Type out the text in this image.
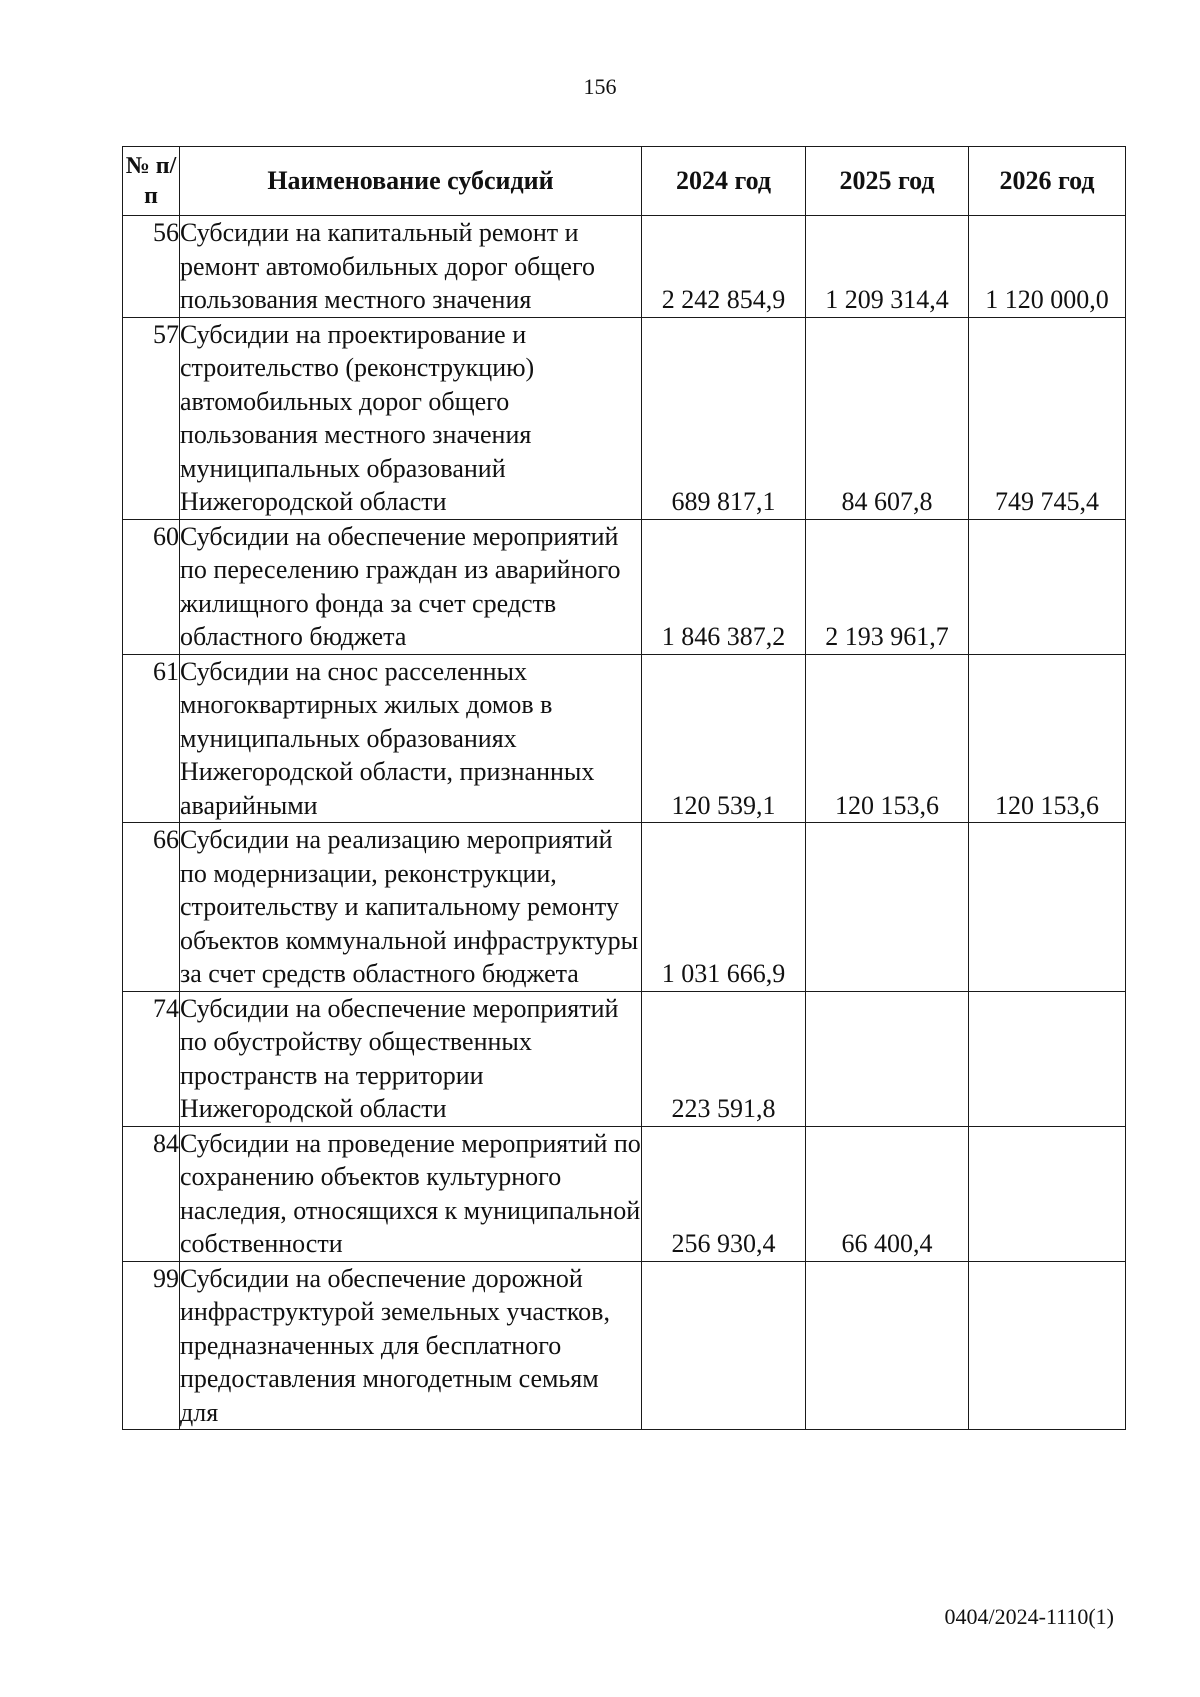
156
№ п/п	Наименование субсидий	2024 год	2025 год	2026 год
56	Субсидии на капитальный ремонт и ремонт автомобильных дорог общего пользования местного значения	2 242 854,9	1 209 314,4	1 120 000,0
57	Субсидии на проектирование и строительство (реконструкцию) автомобильных дорог общего пользования местного значения муниципальных образований Нижегородской области	689 817,1	84 607,8	749 745,4
60	Субсидии на обеспечение мероприятий по переселению граждан из аварийного жилищного фонда за счет средств областного бюджета	1 846 387,2	2 193 961,7	
61	Субсидии на снос расселенных многоквартирных жилых домов в муниципальных образованиях Нижегородской области, признанных аварийными	120 539,1	120 153,6	120 153,6
66	Субсидии на реализацию мероприятий по модернизации, реконструкции, строительству и капитальному ремонту объектов коммунальной инфраструктуры за счет средств областного бюджета	1 031 666,9		
74	Субсидии на обеспечение мероприятий по обустройству общественных пространств на территории Нижегородской области	223 591,8		
84	Субсидии на проведение мероприятий по сохранению объектов культурного наследия, относящихся к муниципальной собственности	256 930,4	66 400,4	
99	Субсидии на обеспечение дорожной инфраструктурой земельных участков, предназначенных для бесплатного предоставления многодетным семьям для			
0404/2024-1110(1)
